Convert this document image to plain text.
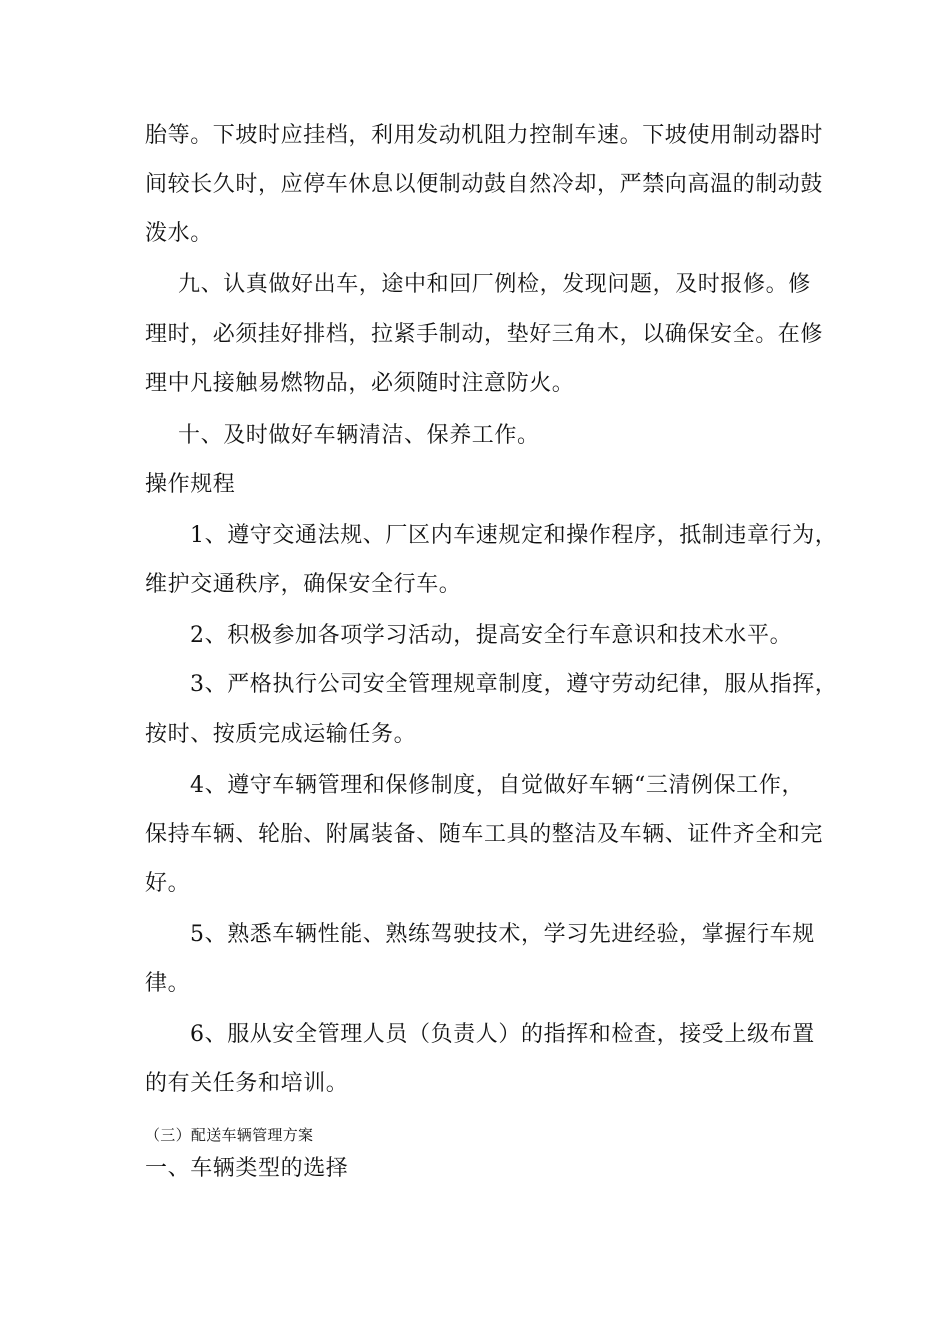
胎等。下坡时应挂档，利用发动机阻力控制车速。下坡使用制动器时
间较长久时，应停车休息以便制动鼓自然冷却，严禁向高温的制动鼓
泼水。
九、认真做好出车，途中和回厂例检，发现问题，及时报修。修
理时，必须挂好排档，拉紧手制动，垫好三角木，以确保安全。在修
理中凡接触易燃物品，必须随时注意防火。
十、及时做好车辆清洁、保养工作。
操作规程
1、遵守交通法规、厂区内车速规定和操作程序，抵制违章行为，
维护交通秩序，确保安全行车。
2、积极参加各项学习活动，提高安全行车意识和技术水平。
3、严格执行公司安全管理规章制度，遵守劳动纪律，服从指挥，
按时、按质完成运输任务。
4、遵守车辆管理和保修制度，自觉做好车辆“三清例保工作，
保持车辆、轮胎、附属装备、随车工具的整洁及车辆、证件齐全和完
好。
5、熟悉车辆性能、熟练驾驶技术，学习先进经验，掌握行车规
律。
6、服从安全管理人员（负责人）的指挥和检查，接受上级布置
的有关任务和培训。
（三）配送车辆管理方案
一、车辆类型的选择
